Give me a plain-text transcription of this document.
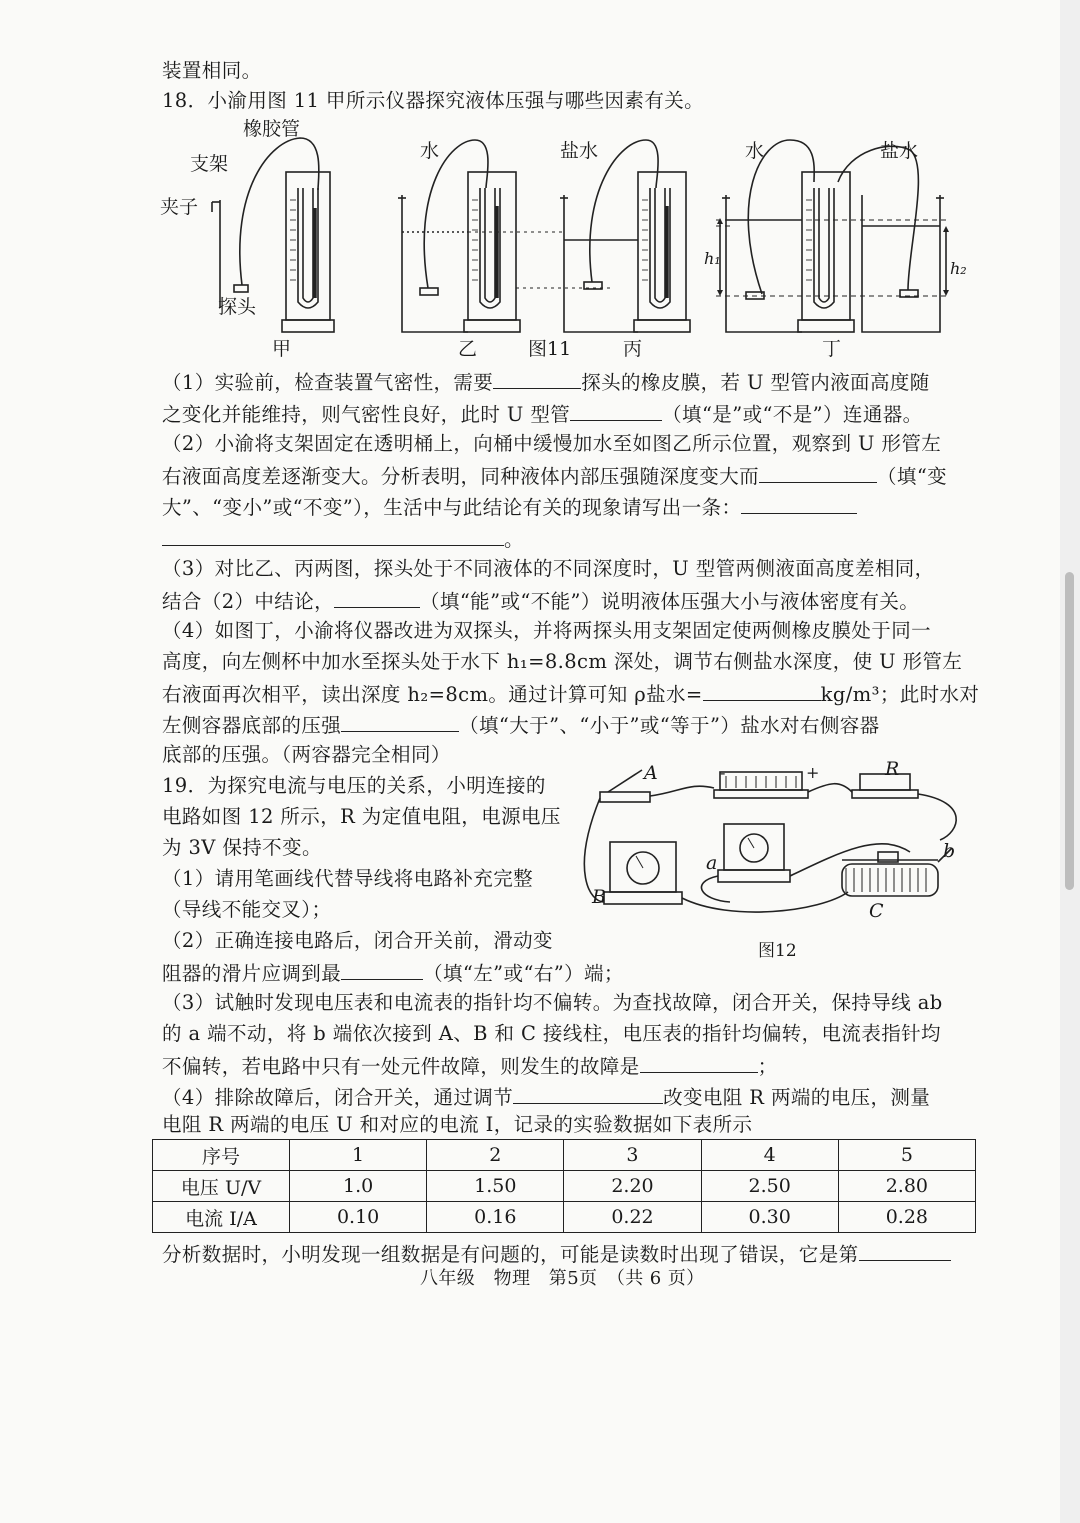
装置相同。
18．小渝用图 11 甲所示仪器探究液体压强与哪些因素有关。
橡胶管
支架
夹子
探头
水	盐水	水	盐水
h₁
h₂
甲	乙	图11	丙	丁
（1）实验前，检查装置气密性，需要	探头的橡皮膜，若 U 型管内液面高度随
之变化并能维持，则气密性良好，此时 U 型管	（填“是”或“不是”）连通器。
（2）小渝将支架固定在透明桶上，向桶中缓慢加水至如图乙所示位置，观察到 U 形管左
右液面高度差逐渐变大。分析表明，同种液体内部压强随深度变大而	（填“变
大”、“变小”或“不变”），生活中与此结论有关的现象请写出一条：
。
（3）对比乙、丙两图，探头处于不同液体的不同深度时，U 型管两侧液面高度差相同，
结合（2）中结论，	（填“能”或“不能”）说明液体压强大小与液体密度有关。
（4）如图丁，小渝将仪器改进为双探头，并将两探头用支架固定使两侧橡皮膜处于同一
高度，向左侧杯中加水至探头处于水下 h₁=8.8cm 深处，调节右侧盐水深度，使 U 形管左
右液面再次相平，读出深度 h₂=8cm。通过计算可知 ρ盐水=	kg/m³；此时水对
左侧容器底部的压强	（填“大于”、“小于”或“等于”）盐水对右侧容器
底部的压强。（两容器完全相同）
19．为探究电流与电压的关系，小明连接的
电路如图 12 所示，R 为定值电阻，电源电压
为 3V 保持不变。
（1）请用笔画线代替导线将电路补充完整
（导线不能交叉）；
（2）正确连接电路后，闭合开关前，滑动变
阻器的滑片应调到最	（填“左”或“右”）端；
A	-	+	R
a
b
B
C
图12
（3）试触时发现电压表和电流表的指针均不偏转。为查找故障，闭合开关，保持导线 ab
的 a 端不动，将 b 端依次接到 A、B 和 C 接线柱，电压表的指针均偏转，电流表指针均
不偏转，若电路中只有一处元件故障，则发生的故障是	；
（4）排除故障后，闭合开关，通过调节	改变电阻 R 两端的电压，测量
电阻 R 两端的电压 U 和对应的电流 I，记录的实验数据如下表所示
序号	1	2	3	4	5
电压 U/V	1.0	1.50	2.20	2.50	2.80
电流 I/A	0.10	0.16	0.22	0.30	0.28
分析数据时，小明发现一组数据是有问题的，可能是读数时出现了错误，它是第
八年级　物理　第5页　（共 6 页）
